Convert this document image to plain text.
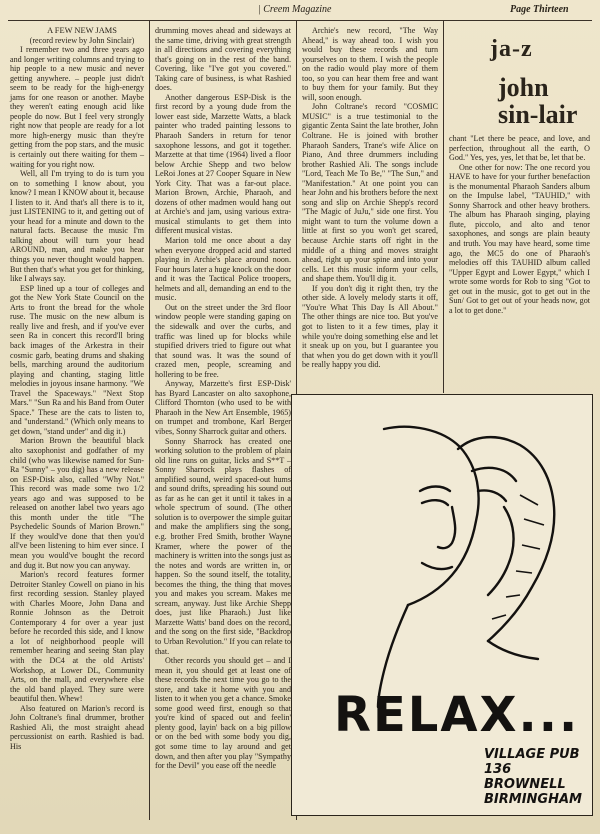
| Creem Magazine	Page Thirteen
ja-z
john sin-lair

A FEW NEW JAMS

(record review by John Sinclair)

I remember two and three years ago and longer writing columns and trying to hip people to a new music and never getting anywhere. – people just didn't seem to be ready for the high-energy jams for one reason or another. Maybe they weren't eating enough acid like people do now. But I feel very strongly right now that people are ready for a lot more high-energy music than they're getting from the pop stars, and the music is certainly out there waiting for them – waiting for you right now.

Well, all I'm trying to do is turn you on to something I know about, you know? I mean I KNOW about it, because I listen to it. And that's all there is to it, just LISTENING to it, and getting out of your head for a minute and down to the natural facts. Because the music I'm talking about will turn your head AROUND, man, and make you hear things you never thought would happen. But then that's what you get for thinking, like I always say.

ESP lined up a tour of colleges and got the New York State Council on the Arts to front the bread for the whole ruse. The music on the new album is really live and fresh, and if you've ever seen Ra in concert this record'll bring back images of the Arkestra in their cosmic garb, beating drums and shaking bells, marching around the auditorium playing and chanting, staging little melodies in joyous insane harmony. "We Travel the Spaceways." "Next Stop Mars." "Sun Ra and his Band from Outer Space." These are the cats to listen to, and "understand." (Which only means to get down, "stand under" and dig it.)

Marion Brown the beautiful black alto saxophonist and godfather of my child (who was likewise named for Sun-Ra "Sunny" – you dig) has a new release on ESP-Disk also, called "Why Not." This record was made some two 1/2 years ago and was supposed to be released on another label two years ago this month under the title "The Psychedelic Sounds of Marion Brown." If they would've done that then you'd all've been listening to him ever since. I mean you would've bought the record and dug it. But now you can anyway.

Marion's record features former Detroiter Stanley Cowell on piano in his first recording session. Stanley played with Charles Moore, John Dana and Ronnie Johnson as the Detroit Contemporary 4 for over a year just before he recorded this side, and I know a lot of neighborhood people will remember hearing and seeing Stan play with the DC4 at the old Artists' Workshop, at Lower DL, Community Arts, on the mall, and everywhere else the old band played. They sure were beautiful then. Whew!

Also featured on Marion's record is John Coltrane's final drummer, brother Rashied Ali, the most straight ahead percussionist on earth. Rashied is bad. His

drumming moves ahead and sideways at the same time, driving with great strength in all directions and covering everything that's going on in the rest of the band. Covering, like "I've got you covered." Taking care of business, is what Rashied does.

Another dangerous ESP-Disk is the first record by a young dude from the lower east side, Marzette Watts, a black painter who traded painting lessons to Pharaoh Sanders in return for tenor saxophone lessons, and got it together. Marzette at that time (1964) lived a floor below Archie Shepp and two below LeRoi Jones at 27 Cooper Square in New York City. That was a far-out place. Marion Brown, Archie, Pharaoh, and dozens of other madmen would hang out at Archie's and jam, using various extra-musical stimulants to get them into different musical vistas.

Marion told me once about a day when everyone dropped acid and started playing in Archie's place around noon. Four hours later a huge knock on the door and it was the Tactical Police troopers, helmets and all, demanding an end to the music.

Out on the street under the 3rd floor window people were standing gaping on the sidewalk and over the curbs, and traffic was lined up for blocks while stupified drivers tried to figure out what that sound was. It was the sound of crazed men, people, screaming and hollering to be free.

Anyway, Marzette's first ESP-Disk' has Byard Lancaster on alto saxophone, Clifford Thornton (who used to be with Pharaoh in the New Art Ensemble, 1965) on trumpet and trombone, Karl Berger vibes, Sonny Sharrock guitar and others.

Sonny Sharrock has created one working solution to the problem of plain old line runs on guitar, licks and S**T – Sonny Sharrock plays flashes of amplified sound, weird spaced-out hums and sound drifts, spreading his sound out as far as he can get it until it takes in a whole spectrum of sound. (The other solution is to overpower the simple guitar and make the amplifiers sing the song, e.g. brother Fred Smith, brother Wayne Kramer, where the power of the machinery is written into the songs just as the notes and words are written in, or happen. So the sound itself, the totality, becomes the thing, the thing that moves you and makes you scream. Makes me scream, anyway. Just like Archie Shepp does, just like Pharaoh.) Just like Marzette Watts' band does on the record, and the song on the first side, "Backdrop to Urban Revolution." If you can relate to that.

Other records you should get – and I mean it, you should get at least one of these records the next time you go to the store, and take it home with you and listen to it when you get a chance. Smoke some good weed first, enough so that you're kind of spaced out and feelin' plenty good, layin' back on a big pillow or on the bed with some body you dig, got some time to lay around and get down, and then after you play "Sympathy for the Devil" you ease off the needle

Archie's new record, "The Way Ahead," is way ahead too. I wish you would buy these records and turn yourselves on to them. I wish the people on the radio would play more of them too, so you can hear them free and want to buy them for your family. But they will, soon enough.

John Coltrane's record "COSMIC MUSIC" is a true testimonial to the gigantic Zenta Saint the late brother, John Coltrane. He is joined with brother Pharaoh Sanders, Trane's wife Alice on Piano, And three drummers including brother Rashied Ali. The songs include "Lord, Teach Me To Be," "The Sun," and "Manifestation." At one point you can hear John and his brothers before the next song and slip on Archie Shepp's record "The Magic of JuJu," side one first. You might want to turn the volume down a little at first so you won't get scared, because Archie starts off right in the middle of a thing and moves straight ahead, right up your spine and into your cells. Let this music inform your cells, and shape them. You'll dig it.

If you don't dig it right then, try the other side. A lovely melody starts it off, "You're What This Day Is All About." The other things are nice too. But you've got to listen to it a few times, play it while you're doing something else and let it sneak up on you, but I guarantee you that when you do get down with it you'll be really happy you did.

chant "Let there be peace, and love, and perfection, throughout all the earth, O God." Yes, yes, yes, let that be, let that be.

One other for now: The one record you HAVE to have for your further benefaction is the monumental Pharaoh Sanders album on the Impulse label, "TAUHID," with Sonny Sharrock and other heavy brothers. The album has Pharaoh singing, playing flute, piccolo, and alto and tenor saxophones, and songs are plain beauty and truth. You may have heard, some time ago, the MC5 do one of Pharaoh's melodies off this TAUHID album called "Upper Egypt and Lower Egypt," which I wrote some words for Rob to sing "Got to get out in the music, got to get out in the Sun/ Got to get out of your heads now, got a lot to get done."

RELAX...
VILLAGE PUB
136 BROWNELL
BIRMINGHAM
